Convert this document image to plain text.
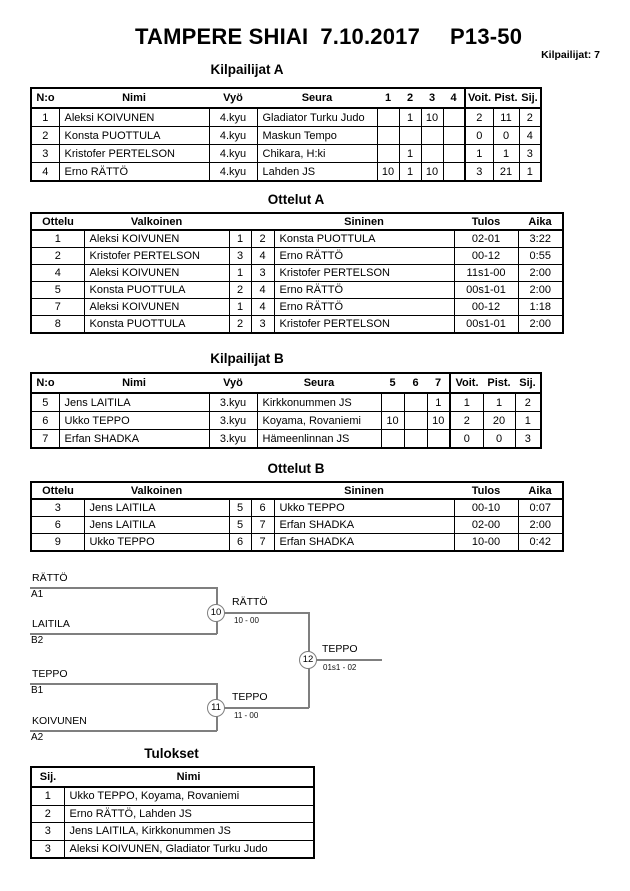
TAMPERE SHIAI 7.10.2017 P13-50
Kilpailijat: 7
Kilpailijat A
N:o	Nimi	Vyö	Seura	1	2	3	4	Voit.	Pist.	Sij.
1	Aleksi KOIVUNEN	4.kyu	Gladiator Turku Judo		1	10		2	11	2
2	Konsta PUOTTULA	4.kyu	Maskun Tempo					0	0	4
3	Kristofer PERTELSON	4.kyu	Chikara, H:ki		1			1	1	3
4	Erno RÄTTÖ	4.kyu	Lahden JS	10	1	10		3	21	1
Ottelut A
Ottelu	Valkoinen			Sininen	Tulos	Aika
1	Aleksi KOIVUNEN	1	2	Konsta PUOTTULA	02-01	3:22
2	Kristofer PERTELSON	3	4	Erno RÄTTÖ	00-12	0:55
4	Aleksi KOIVUNEN	1	3	Kristofer PERTELSON	11s1-00	2:00
5	Konsta PUOTTULA	2	4	Erno RÄTTÖ	00s1-01	2:00
7	Aleksi KOIVUNEN	1	4	Erno RÄTTÖ	00-12	1:18
8	Konsta PUOTTULA	2	3	Kristofer PERTELSON	00s1-01	2:00
Kilpailijat B
N:o	Nimi	Vyö	Seura	5	6	7	Voit.	Pist.	Sij.
5	Jens LAITILA	3.kyu	Kirkkonummen JS			1	1	1	2
6	Ukko TEPPO	3.kyu	Koyama, Rovaniemi	10		10	2	20	1
7	Erfan SHADKA	3.kyu	Hämeenlinnan JS				0	0	3
Ottelut B
Ottelu	Valkoinen			Sininen	Tulos	Aika
3	Jens LAITILA	5	6	Ukko TEPPO	00-10	0:07
6	Jens LAITILA	5	7	Erfan SHADKA	02-00	2:00
9	Ukko TEPPO	6	7	Erfan SHADKA	10-00	0:42
RÄTTÖ
A1
LAITILA
B2
10
RÄTTÖ
10 - 00
TEPPO
B1
KOIVUNEN
A2
11
TEPPO
11 - 00
12
TEPPO
01s1 - 02
Tulokset
Sij.	Nimi
1	Ukko TEPPO, Koyama, Rovaniemi
2	Erno RÄTTÖ, Lahden JS
3	Jens LAITILA, Kirkkonummen JS
3	Aleksi KOIVUNEN, Gladiator Turku Judo
